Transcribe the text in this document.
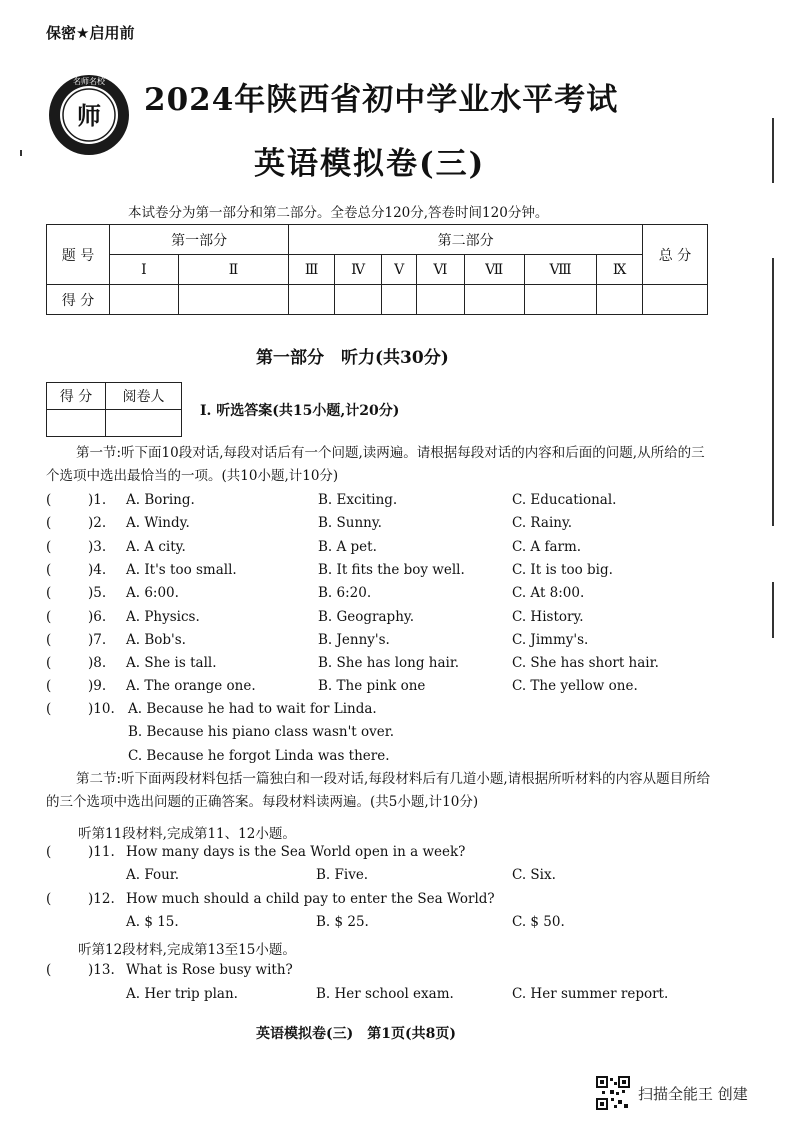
保密★启用前
师
名师名校
2024年陕西省初中学业水平考试
英语模拟卷(三)
本试卷分为第一部分和第二部分。全卷总分120分,答卷时间120分钟。
题 号	第一部分		第二部分							总 分
	Ⅰ	Ⅱ	Ⅲ	Ⅳ	Ⅴ	Ⅵ	Ⅶ	Ⅷ	Ⅸ	
得 分										
第一部分　听力(共30分)
得 分	阅卷人

Ⅰ. 听选答案(共15小题,计20分)
第一节:听下面10段对话,每段对话后有一个问题,读两遍。请根据每段对话的内容和后面的问题,从所给的三个选项中选出最恰当的一项。(共10小题,计10分)
(	)1. A. Boring.	B. Exciting.	C. Educational.
(	)2. A. Windy.	B. Sunny.	C. Rainy.
(	)3. A. A city.	B. A pet.	C. A farm.
(	)4. A. It's too small.	B. It fits the boy well.	C. It is too big.
(	)5. A. 6:00.	B. 6:20.	C. At 8:00.
(	)6. A. Physics.	B. Geography.	C. History.
(	)7. A. Bob's.	B. Jenny's.	C. Jimmy's.
(	)8. A. She is tall.	B. She has long hair.	C. She has short hair.
(	)9. A. The orange one.	B. The pink one	C. The yellow one.
(	)10. A. Because he had to wait for Linda.
B. Because his piano class wasn't over.
C. Because he forgot Linda was there.
第二节:听下面两段材料包括一篇独白和一段对话,每段材料后有几道小题,请根据所听材料的内容从题目所给的三个选项中选出问题的正确答案。每段材料读两遍。(共5小题,计10分)
听第11段材料,完成第11、12小题。
(	)11. How many days is the Sea World open in a week?
A. Four.	B. Five.	C. Six.
(	)12. How much should a child pay to enter the Sea World?
A. $ 15.	B. $ 25.	C. $ 50.
听第12段材料,完成第13至15小题。
(	)13. What is Rose busy with?
A. Her trip plan.	B. Her school exam.	C. Her summer report.
英语模拟卷(三)　第1页(共8页)
扫描全能王 创建
